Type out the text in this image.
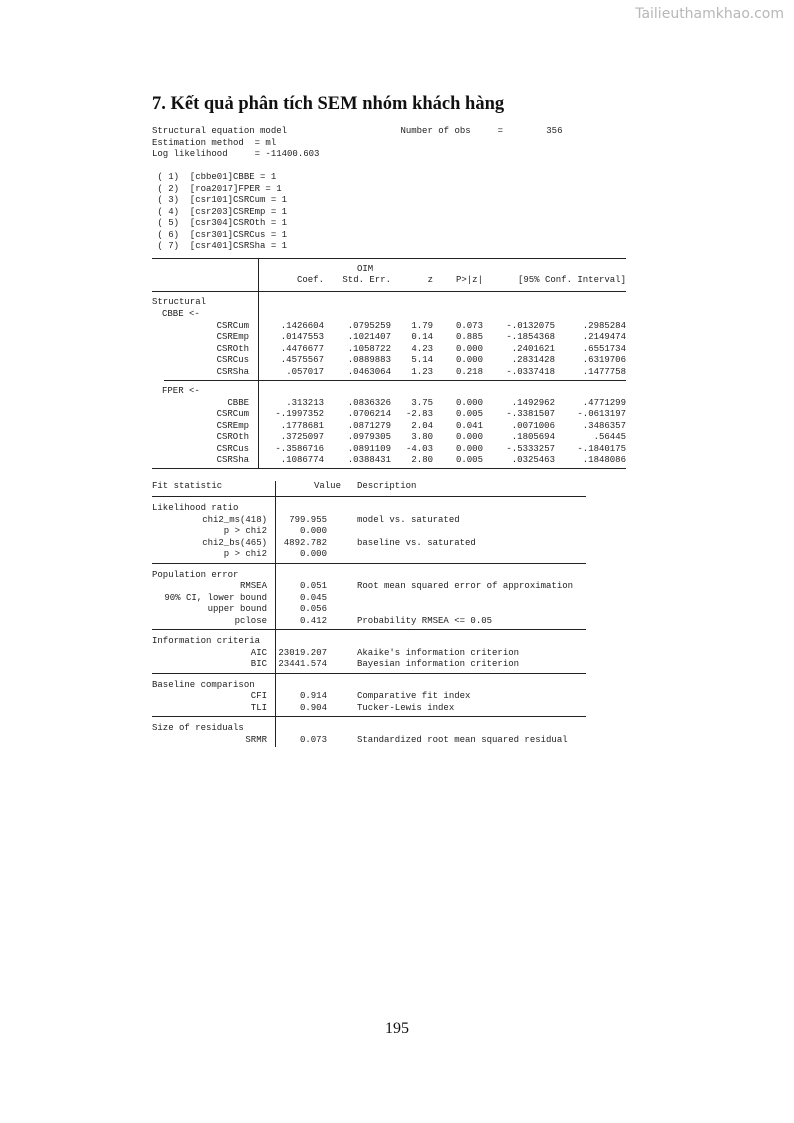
Tailieuthamkhao.com
7. Kết quả phân tích SEM nhóm khách hàng
Structural equation model                     Number of obs     =        356
Estimation method  = ml
Log likelihood     = -11400.603
( 1)  [cbbe01]CBBE = 1
( 2)  [roa2017]FPER = 1
( 3)  [csr101]CSRCum = 1
( 4)  [csr203]CSREmp = 1
( 5)  [csr304]CSROth = 1
( 6)  [csr301]CSRCus = 1
( 7)  [csr401]CSRSha = 1
OIM
Coef.	Std. Err.	z	P>|z|	[95% Conf. Interval]
Structural
CBBE <-
CSRCum	.1426604	.0795259	1.79	0.073	-.0132075	.2985284
CSREmp	.0147553	.1021407	0.14	0.885	-.1854368	.2149474
CSROth	.4476677	.1058722	4.23	0.000	.2401621	.6551734
CSRCus	.4575567	.0889883	5.14	0.000	.2831428	.6319706
CSRSha	.057017	.0463064	1.23	0.218	-.0337418	.1477758
FPER <-
CBBE	.313213	.0836326	3.75	0.000	.1492962	.4771299
CSRCum	-.1997352	.0706214	-2.83	0.005	-.3381507	-.0613197
CSREmp	.1778681	.0871279	2.04	0.041	.0071006	.3486357
CSROth	.3725097	.0979305	3.80	0.000	.1805694	.56445
CSRCus	-.3586716	.0891109	-4.03	0.000	-.5333257	-.1840175
CSRSha	.1086774	.0388431	2.80	0.005	.0325463	.1848086
Fit statistic	Value Description
Likelihood ratio
chi2_ms(418)	799.955	model vs. saturated
p > chi2	0.000
chi2_bs(465)	4892.782	baseline vs. saturated
p > chi2	0.000
Population error
RMSEA	0.051	Root mean squared error of approximation
90% CI, lower bound	0.045
upper bound	0.056
pclose	0.412	Probability RMSEA <= 0.05
Information criteria
AIC	23019.207	Akaike's information criterion
BIC	23441.574	Bayesian information criterion
Baseline comparison
CFI	0.914	Comparative fit index
TLI	0.904	Tucker-Lewis index
Size of residuals
SRMR	0.073	Standardized root mean squared residual
195
